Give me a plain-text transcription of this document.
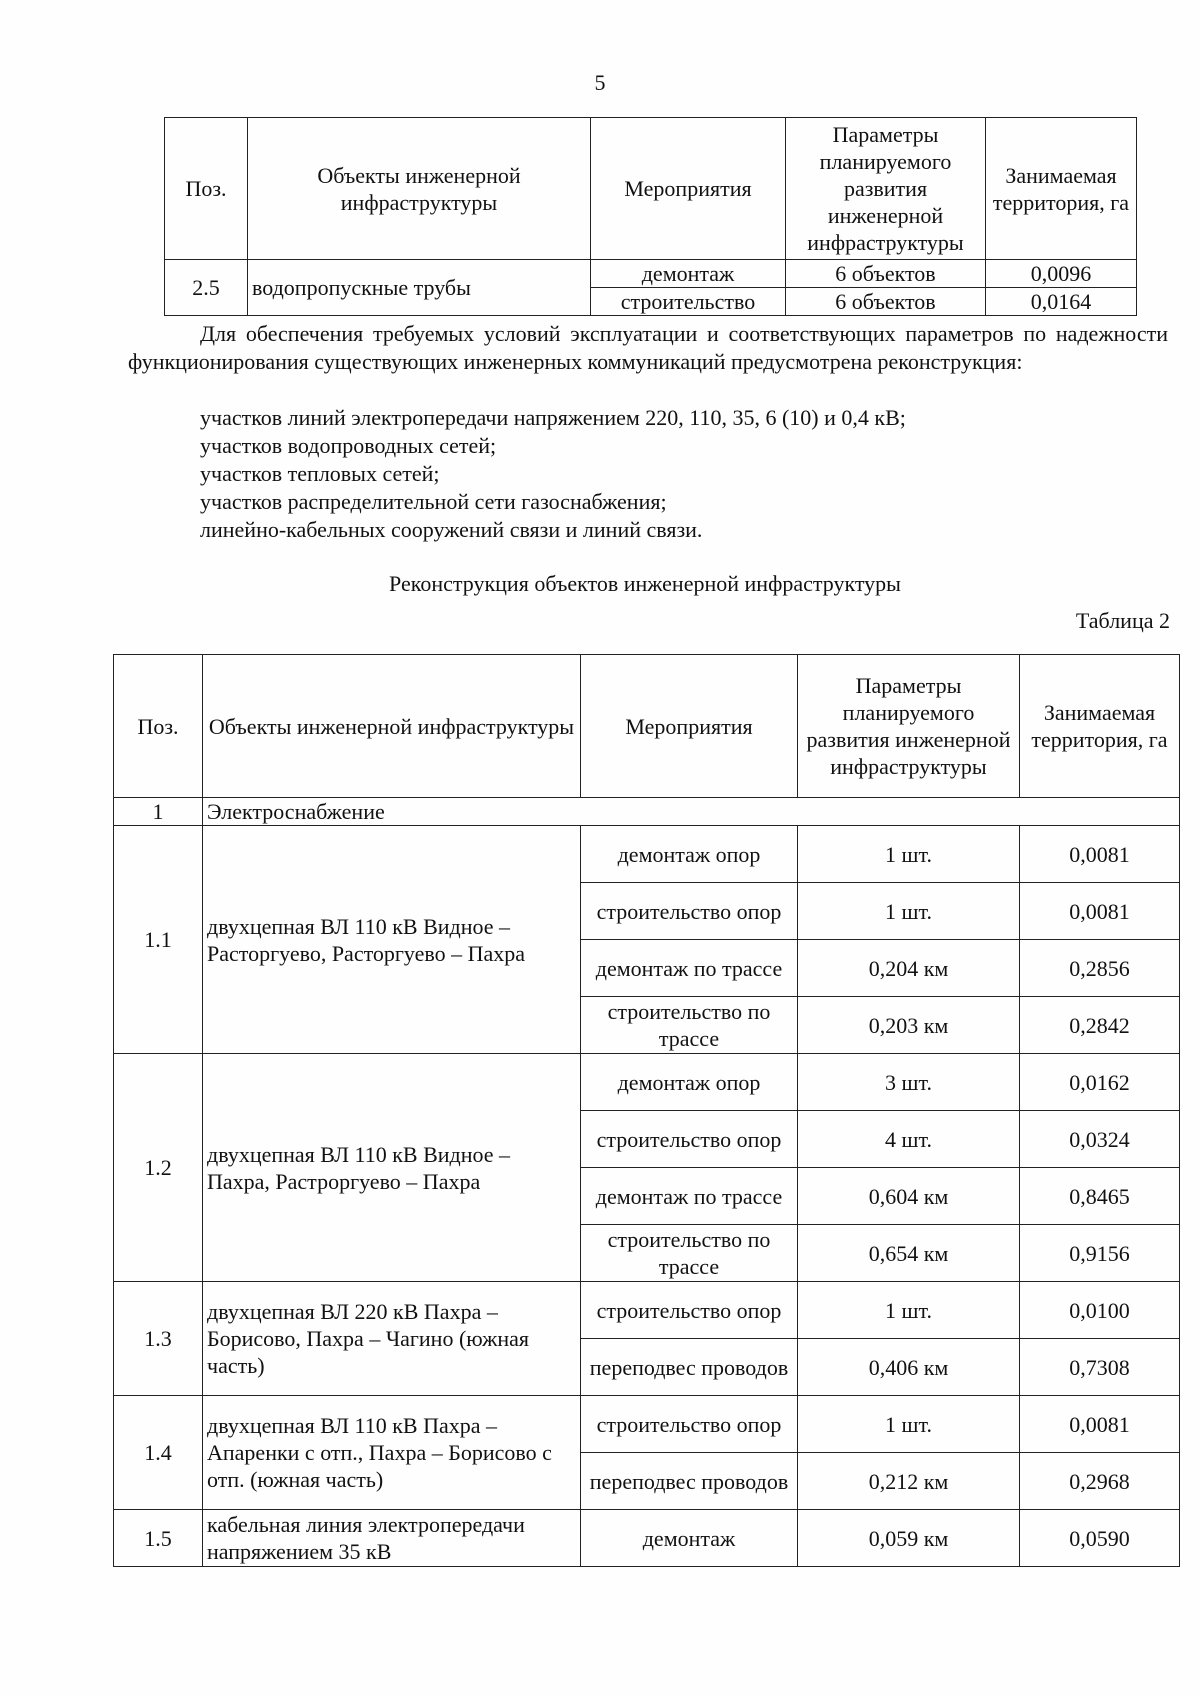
5
Поз.	Объекты инженерной инфраструктуры	Мероприятия	Параметры планируемого развития инженерной инфраструктуры	Занимаемая территория, га
2.5	водопропускные трубы	демонтаж	6 объектов	0,0096
		строительство	6 объектов	0,0164
Для обеспечения требуемых условий эксплуатации и соответствующих параметров по надежности функционирования существующих инженерных коммуникаций предусмотрена реконструкция:
участков линий электропередачи напряжением 220, 110, 35, 6 (10) и 0,4 кВ;
участков водопроводных сетей;
участков тепловых сетей;
участков распределительной сети газоснабжения;
линейно-кабельных сооружений связи и линий связи.
Реконструкция объектов инженерной инфраструктуры
Таблица 2
Поз.	Объекты инженерной инфраструктуры	Мероприятия	Параметры планируемого развития инженерной инфраструктуры	Занимаемая территория, га
1	Электроснабжение			
1.1	двухцепная ВЛ 110 кВ Видное – Расторгуево, Расторгуево – Пахра	демонтаж опор	1 шт.	0,0081
		строительство опор	1 шт.	0,0081
		демонтаж по трассе	0,204 км	0,2856
		строительство по трассе	0,203 км	0,2842
1.2	двухцепная ВЛ 110 кВ Видное – Пахра, Растроргуево – Пахра	демонтаж опор	3 шт.	0,0162
		строительство опор	4 шт.	0,0324
		демонтаж по трассе	0,604 км	0,8465
		строительство по трассе	0,654 км	0,9156
1.3	двухцепная ВЛ 220 кВ Пахра – Борисово, Пахра – Чагино (южная часть)	строительство опор	1 шт.	0,0100
		переподвес проводов	0,406 км	0,7308
1.4	двухцепная ВЛ 110 кВ Пахра – Апаренки с отп., Пахра – Борисово с отп. (южная часть)	строительство опор	1 шт.	0,0081
		переподвес проводов	0,212 км	0,2968
1.5	кабельная линия электропередачи напряжением 35 кВ	демонтаж	0,059 км	0,0590
